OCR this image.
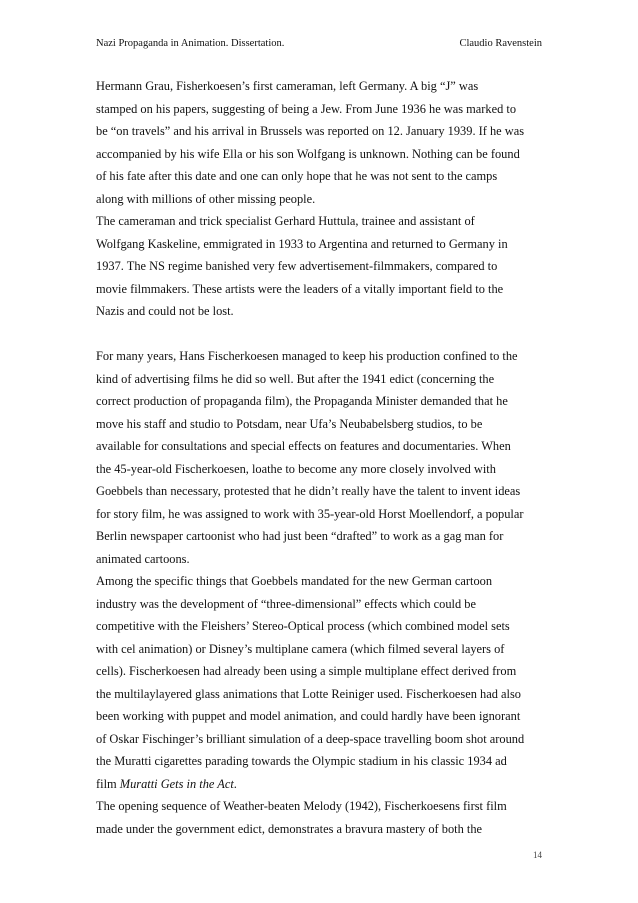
Nazi Propaganda in Animation. Dissertation.	Claudio Ravenstein
Hermann Grau, Fisherkoesen’s first cameraman, left Germany. A big “J” was
stamped on his papers, suggesting of being a Jew. From June 1936 he was marked to
be “on travels” and his arrival in Brussels was reported on 12. January 1939. If he was
accompanied by his wife Ella or his son Wolfgang is unknown. Nothing can be found
of his fate after this date and one can only hope that he was not sent to the camps
along with millions of other missing people.
The cameraman and trick specialist Gerhard Huttula, trainee and assistant of
Wolfgang Kaskeline, emmigrated in 1933 to Argentina and returned to Germany in
1937. The NS regime banished very few advertisement-filmmakers, compared to
movie filmmakers. These artists were the leaders of a vitally important field to the
Nazis and could not be lost.
For many years, Hans Fischerkoesen managed to keep his production confined to the
kind of advertising films he did so well. But after the 1941 edict (concerning the
correct production of propaganda film), the Propaganda Minister demanded that he
move his staff and studio to Potsdam, near Ufa’s Neubabelsberg studios, to be
available for consultations and special effects on features and documentaries. When
the 45-year-old Fischerkoesen, loathe to become any more closely involved with
Goebbels than necessary, protested that he didn’t really have the talent to invent ideas
for story film, he was assigned to work with 35-year-old Horst Moellendorf, a popular
Berlin newspaper cartoonist who had just been “drafted” to work as a gag man for
animated cartoons.
Among the specific things that Goebbels mandated for the new German cartoon
industry was the development of “three-dimensional” effects which could be
competitive with the Fleishers’ Stereo-Optical process (which combined model sets
with cel animation) or Disney’s multiplane camera (which filmed several layers of
cells). Fischerkoesen had already been using a simple multiplane effect derived from
the multilaylayered glass animations that Lotte Reiniger used. Fischerkoesen had also
been working with puppet and model animation, and could hardly have been ignorant
of Oskar Fischinger’s brilliant simulation of a deep-space travelling boom shot around
the Muratti cigarettes parading towards the Olympic stadium in his classic 1934 ad
film Muratti Gets in the Act.
The opening sequence of Weather-beaten Melody (1942), Fischerkoesens first film
made under the government edict, demonstrates a bravura mastery of both the
14
